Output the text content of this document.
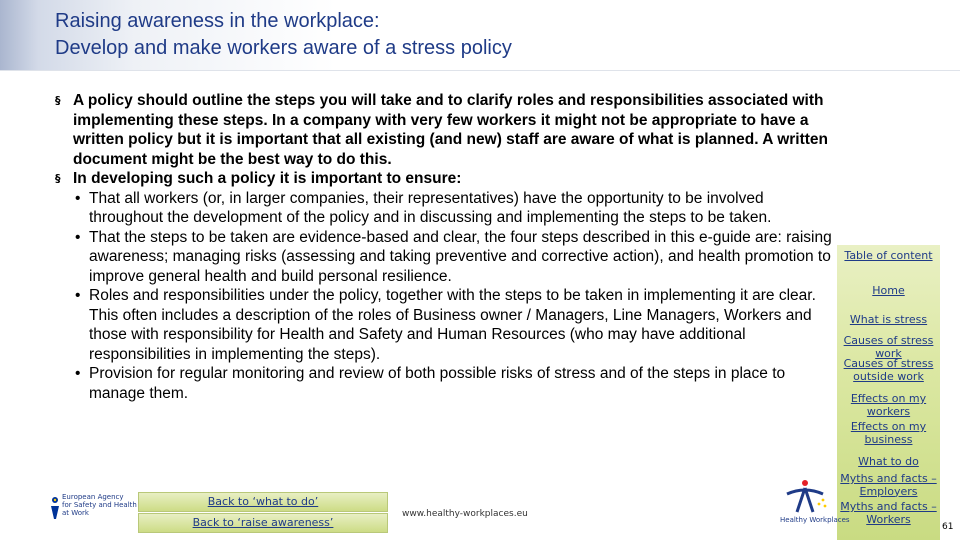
Raising awareness in the workplace:
Develop and make workers aware of a stress policy
§ A policy should outline the steps you will take and to clarify roles and responsibilities associated with implementing these steps. In a company with very few workers it might not be appropriate to have a written policy but it is important that all existing (and new) staff are aware of what is planned. A written document might be the best way to do this.
§ In developing such a policy it is important to ensure:
• That all workers (or, in larger companies, their representatives) have the opportunity to be involved throughout the development of the policy and in discussing and implementing the steps to be taken.
• That the steps to be taken are evidence-based and clear, the four steps described in this e-guide are: raising awareness; managing risks (assessing and taking preventive and corrective action), and health promotion to improve general health and build personal resilience.
• Roles and responsibilities under the policy, together with the steps to be taken in implementing it are clear. This often includes a description of the roles of Business owner / Managers, Line Managers, Workers and those with responsibility for Health and Safety and Human Resources (who may have additional responsibilities in implementing the steps).
• Provision for regular monitoring and review of both possible risks of stress and of the steps in place to manage them.
Table of content
Home
What is stress
Causes of stress work
Causes of stress outside work
Effects on my workers
Effects on my business
What to do
Myths and facts – Employers
Myths and facts – Workers
European Agency
for Safety and Health
at Work
Back to ‘what to do’
Back to ‘raise awareness’
www.healthy-workplaces.eu
Healthy Workplaces
61
